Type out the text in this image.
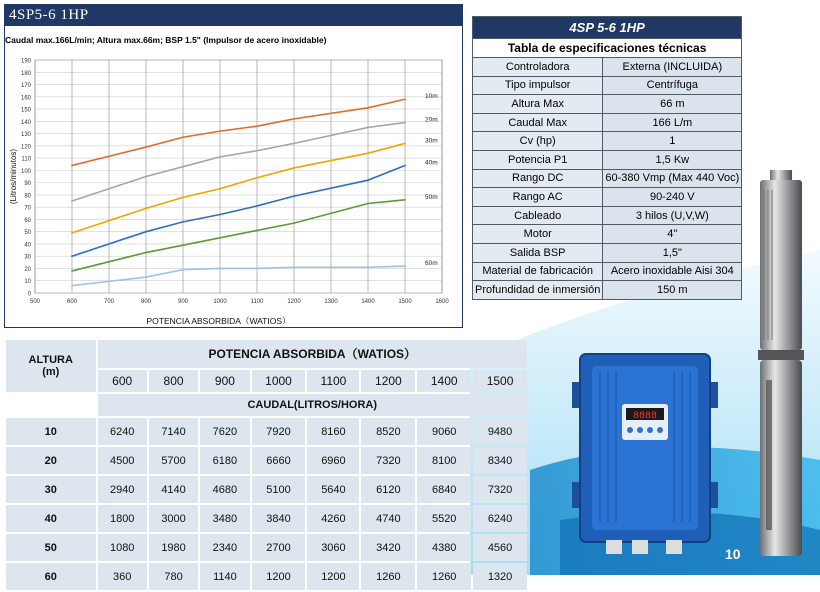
4SP5-6 1HP
Caudal max.166L/min; Altura max.66m; BSP 1.5" (Impulsor de acero inoxidable)
0
10
20
30
40
50
60
70
80
90
100
110
120
130
140
150
160
170
180
190
500	600	700	800	900	1000	1100	1200	1300	1400	1500	1600
10m
20m
30m
40m
50m
60m
POTENCIA ABSORBIDA（WATIOS）
(Litros/minutos)
4SP 5-6 1HP	
Tabla de especificaciones técnicas	
Controladora	Externa (INCLUIDA)
Tipo impulsor	Centrífuga
Altura Max	66 m
Caudal Max	166 L/m
Cv (hp)	1
Potencia P1	1,5 Kw
Rango DC	60-380 Vmp (Max 440 Voc)
Rango AC	90-240 V
Cableado	3 hilos (U,V,W)
Motor	4"
Salida BSP	1,5"
Material de fabricación	Acero inoxidable Aisi 304
Profundidad de inmersión	150 m
8888
ALTURA
(m)	POTENCIA ABSORBIDA（WATIOS）							
	600	800	900	1000	1100	1200	1400	1500
	CAUDAL(LITROS/HORA)							
10	6240	7140	7620	7920	8160	8520	9060	9480
20	4500	5700	6180	6660	6960	7320	8100	8340
30	2940	4140	4680	5100	5640	6120	6840	7320
40	1800	3000	3480	3840	4260	4740	5520	6240
50	1080	1980	2340	2700	3060	3420	4380	4560
60	360	780	1140	1200	1200	1260	1260	1320
10
